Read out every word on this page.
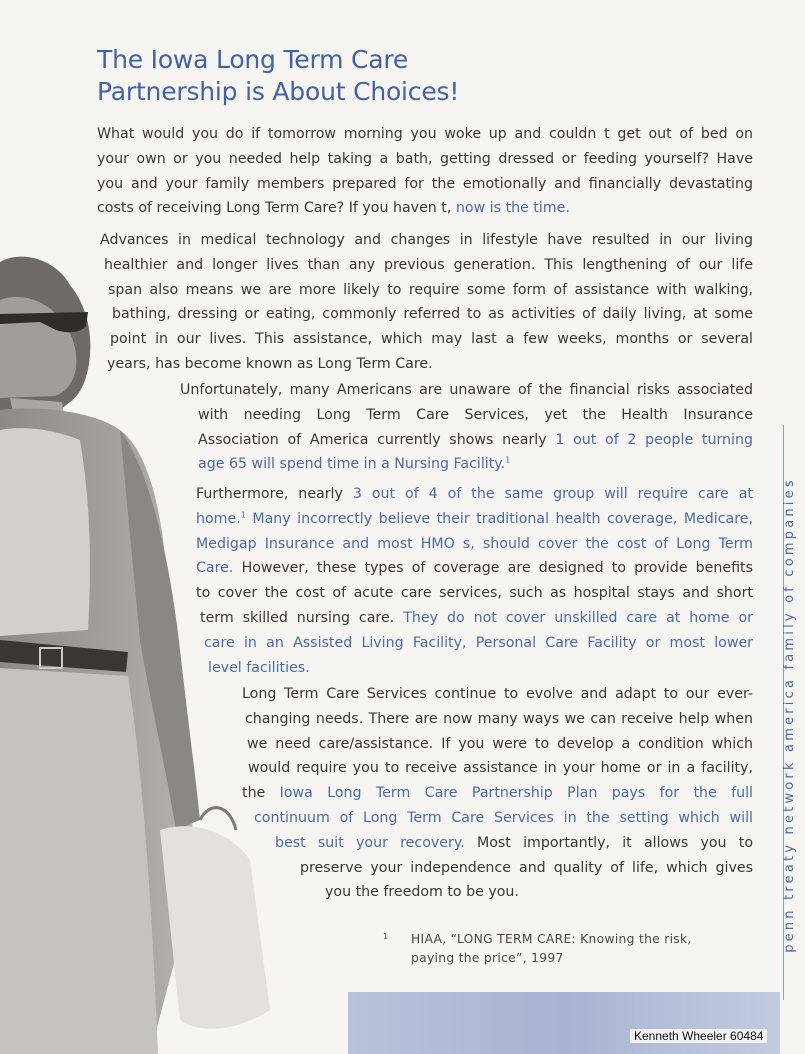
The Iowa Long Term Care
Partnership is About Choices!

What would you do if tomorrow morning you woke up and couldn t get out of bed on
your own or you needed help taking a bath, getting dressed or feeding yourself? Have
you and your family members prepared for the emotionally and financially devastating
costs of receiving Long Term Care? If you haven t, now is the time.

Advances in medical technology and changes in lifestyle have resulted in our living
healthier and longer lives than any previous generation. This lengthening of our life
span also means we are more likely to require some form of assistance with walking,
bathing, dressing or eating, commonly referred to as activities of daily living, at some
point in our lives. This assistance, which may last a few weeks, months or several
years, has become known as Long Term Care.

Unfortunately, many Americans are unaware of the financial risks associated
with needing Long Term Care Services, yet the Health Insurance
Association of America currently shows nearly 1 out of 2 people turning
age 65 will spend time in a Nursing Facility.$^1$

Furthermore, nearly 3 out of 4 of the same group will require care at
home.$^1$ Many incorrectly believe their traditional health coverage, Medicare,
Medigap Insurance and most HMO s, should cover the cost of Long Term
Care. However, these types of coverage are designed to provide benefits
to cover the cost of acute care services, such as hospital stays and short
term skilled nursing care. They do not cover unskilled care at home or
care in an Assisted Living Facility, Personal Care Facility or most lower
level facilities.

Long Term Care Services continue to evolve and adapt to our ever-
changing needs. There are now many ways we can receive help when
we need care/assistance. If you were to develop a condition which
would require you to receive assistance in your home or in a facility,
the Iowa Long Term Care Partnership Plan pays for the full
continuum of Long Term Care Services in the setting which will
best suit your recovery. Most importantly, it allows you to
preserve your independence and quality of life, which gives
you the freedom to be you.

1 HIAA, “LONG TERM CARE: Knowing the risk,
paying the price”, 1997
penn treaty network america family of companies
Kenneth Wheeler 60484
